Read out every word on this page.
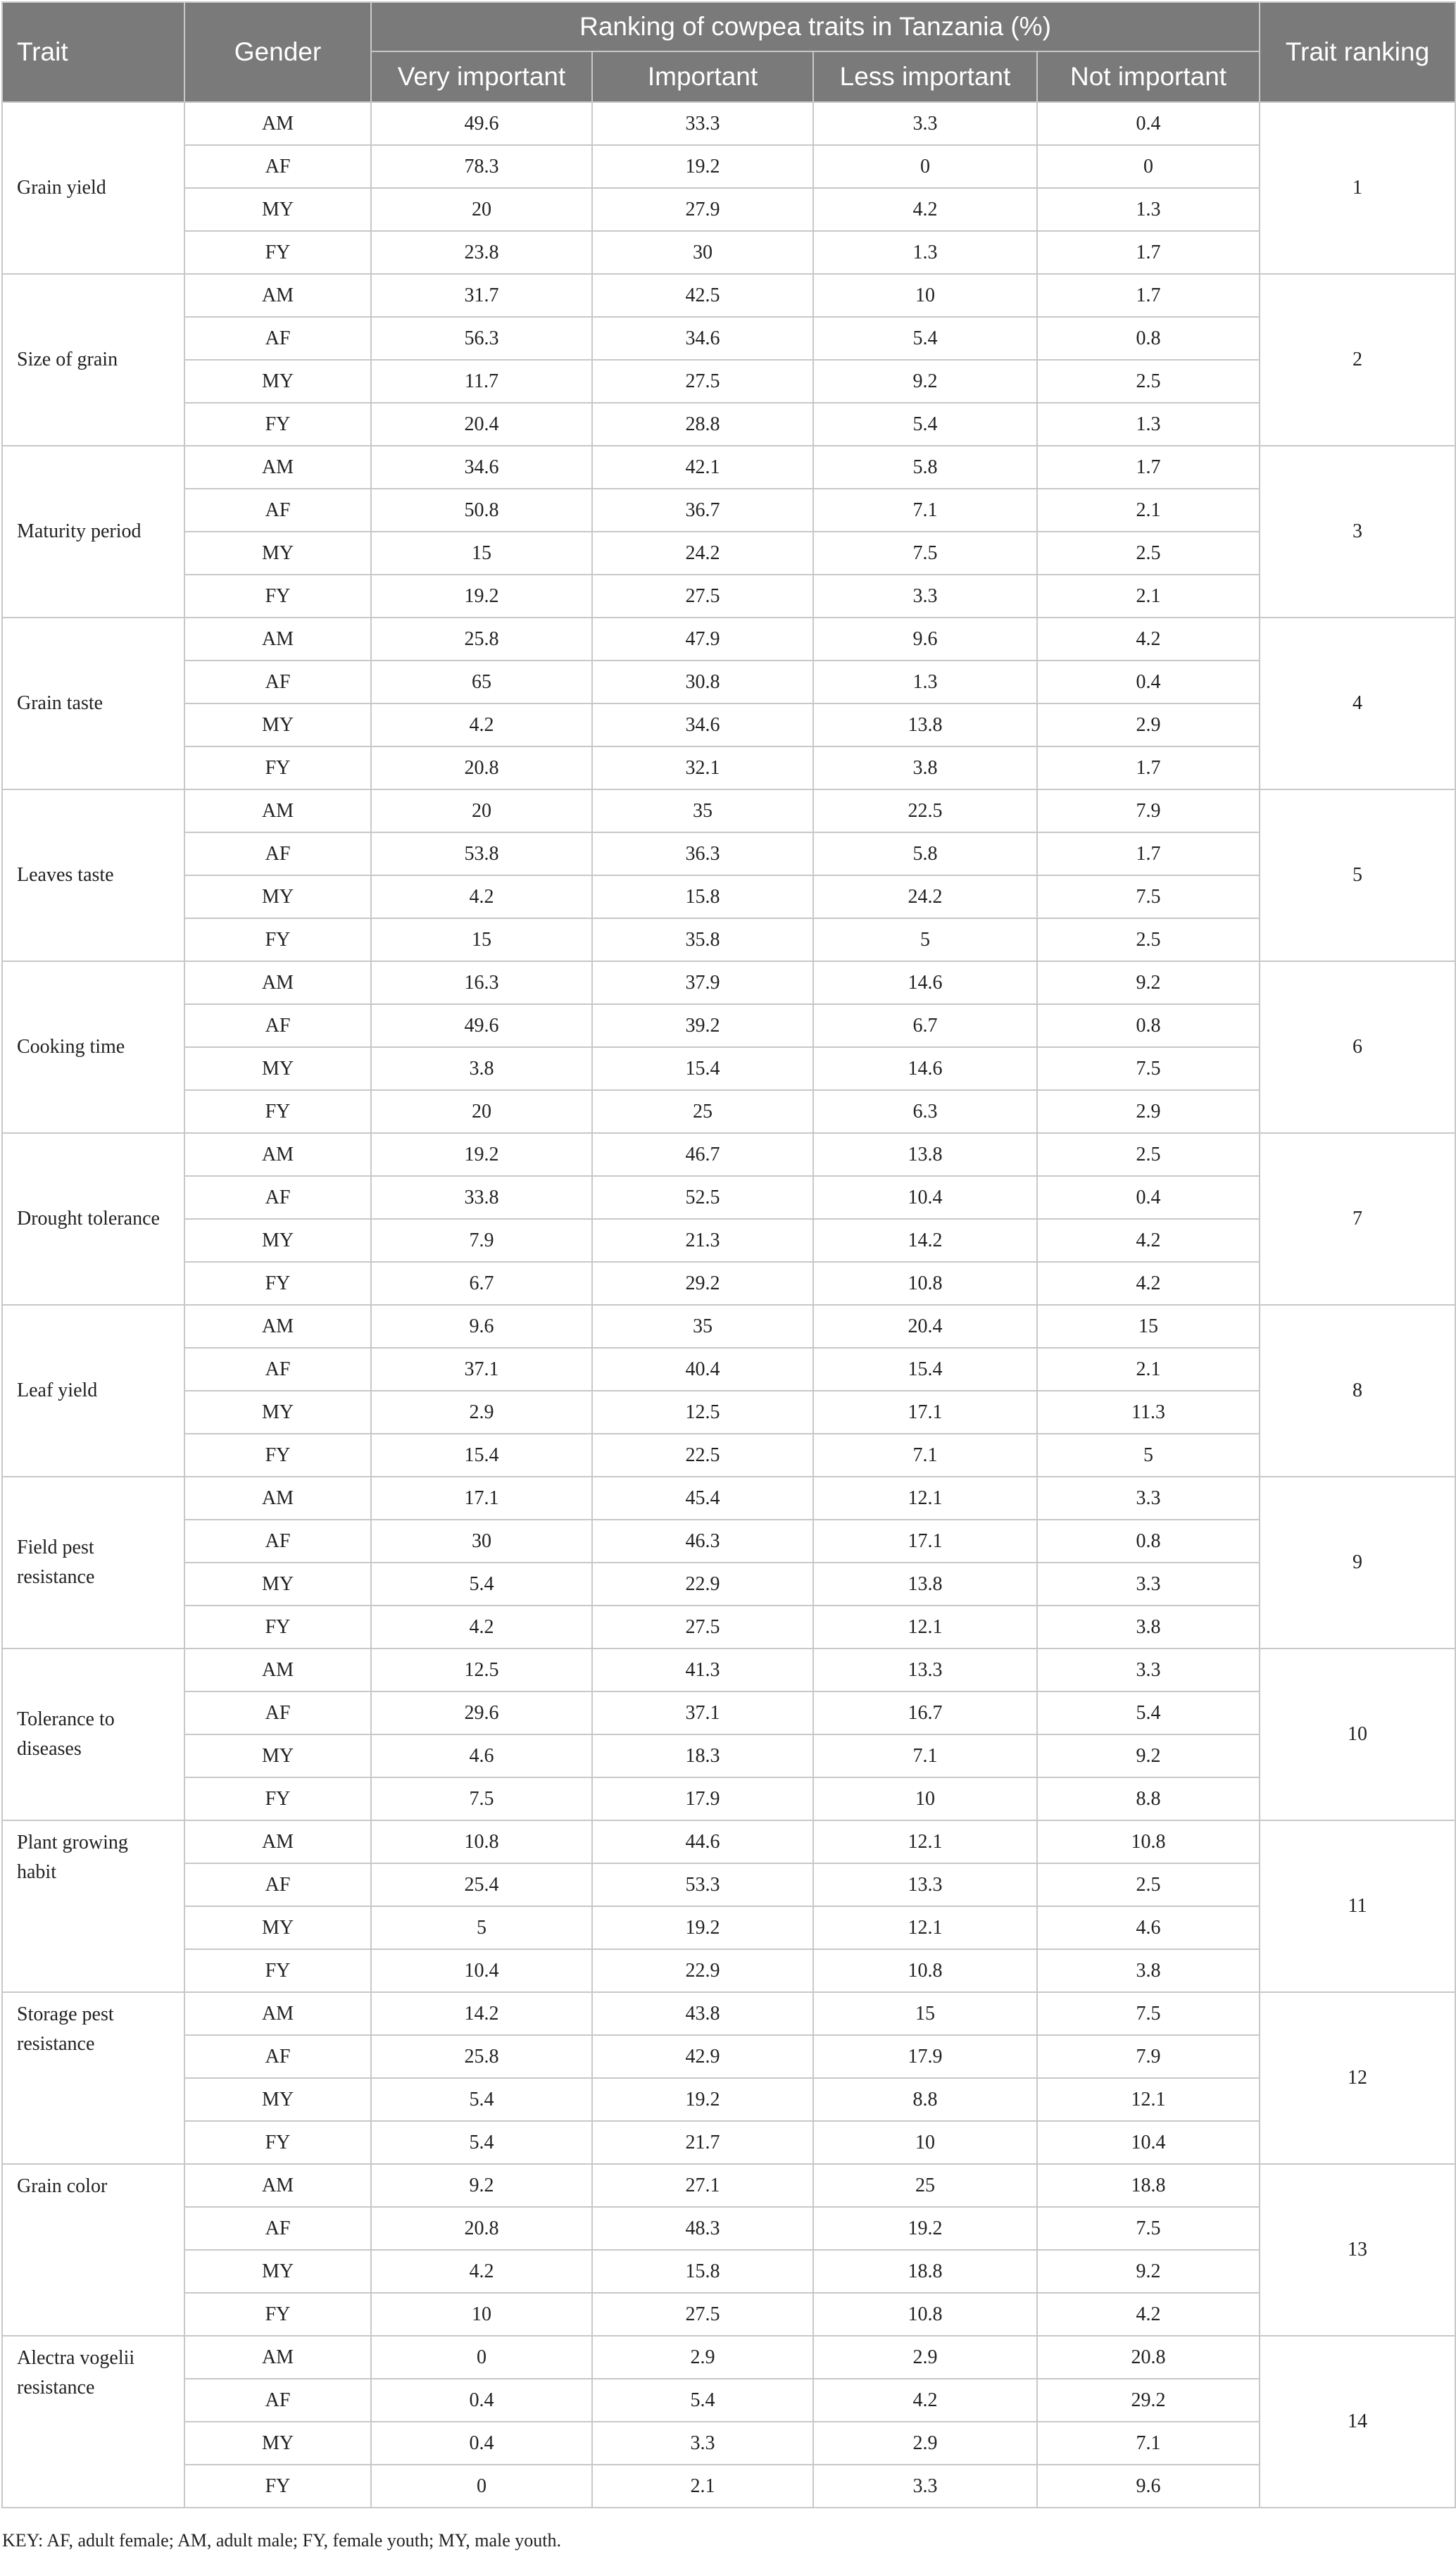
Trait	Gender	Ranking of cowpea traits in Tanzania (%)				Trait ranking
		Very important	Important	Less important	Not important	
Grain yield	AM	49.6	33.3	3.3	0.4	1
	AF	78.3	19.2	0	0	
	MY	20	27.9	4.2	1.3	
	FY	23.8	30	1.3	1.7	
Size of grain	AM	31.7	42.5	10	1.7	2
	AF	56.3	34.6	5.4	0.8	
	MY	11.7	27.5	9.2	2.5	
	FY	20.4	28.8	5.4	1.3	
Maturity period	AM	34.6	42.1	5.8	1.7	3
	AF	50.8	36.7	7.1	2.1	
	MY	15	24.2	7.5	2.5	
	FY	19.2	27.5	3.3	2.1	
Grain taste	AM	25.8	47.9	9.6	4.2	4
	AF	65	30.8	1.3	0.4	
	MY	4.2	34.6	13.8	2.9	
	FY	20.8	32.1	3.8	1.7	
Leaves taste	AM	20	35	22.5	7.9	5
	AF	53.8	36.3	5.8	1.7	
	MY	4.2	15.8	24.2	7.5	
	FY	15	35.8	5	2.5	
Cooking time	AM	16.3	37.9	14.6	9.2	6
	AF	49.6	39.2	6.7	0.8	
	MY	3.8	15.4	14.6	7.5	
	FY	20	25	6.3	2.9	
Drought tolerance	AM	19.2	46.7	13.8	2.5	7
	AF	33.8	52.5	10.4	0.4	
	MY	7.9	21.3	14.2	4.2	
	FY	6.7	29.2	10.8	4.2	
Leaf yield	AM	9.6	35	20.4	15	8
	AF	37.1	40.4	15.4	2.1	
	MY	2.9	12.5	17.1	11.3	
	FY	15.4	22.5	7.1	5	
Field pest resistance	AM	17.1	45.4	12.1	3.3	9
	AF	30	46.3	17.1	0.8	
	MY	5.4	22.9	13.8	3.3	
	FY	4.2	27.5	12.1	3.8	
Tolerance to diseases	AM	12.5	41.3	13.3	3.3	10
	AF	29.6	37.1	16.7	5.4	
	MY	4.6	18.3	7.1	9.2	
	FY	7.5	17.9	10	8.8	
Plant growing habit	AM	10.8	44.6	12.1	10.8	11
	AF	25.4	53.3	13.3	2.5	
	MY	5	19.2	12.1	4.6	
	FY	10.4	22.9	10.8	3.8	
Storage pest resistance	AM	14.2	43.8	15	7.5	12
	AF	25.8	42.9	17.9	7.9	
	MY	5.4	19.2	8.8	12.1	
	FY	5.4	21.7	10	10.4	
Grain color	AM	9.2	27.1	25	18.8	13
	AF	20.8	48.3	19.2	7.5	
	MY	4.2	15.8	18.8	9.2	
	FY	10	27.5	10.8	4.2	
Alectra vogelii resistance	AM	0	2.9	2.9	20.8	14
	AF	0.4	5.4	4.2	29.2	
	MY	0.4	3.3	2.9	7.1	
	FY	0	2.1	3.3	9.6	
KEY: AF, adult female; AM, adult male; FY, female youth; MY, male youth.
